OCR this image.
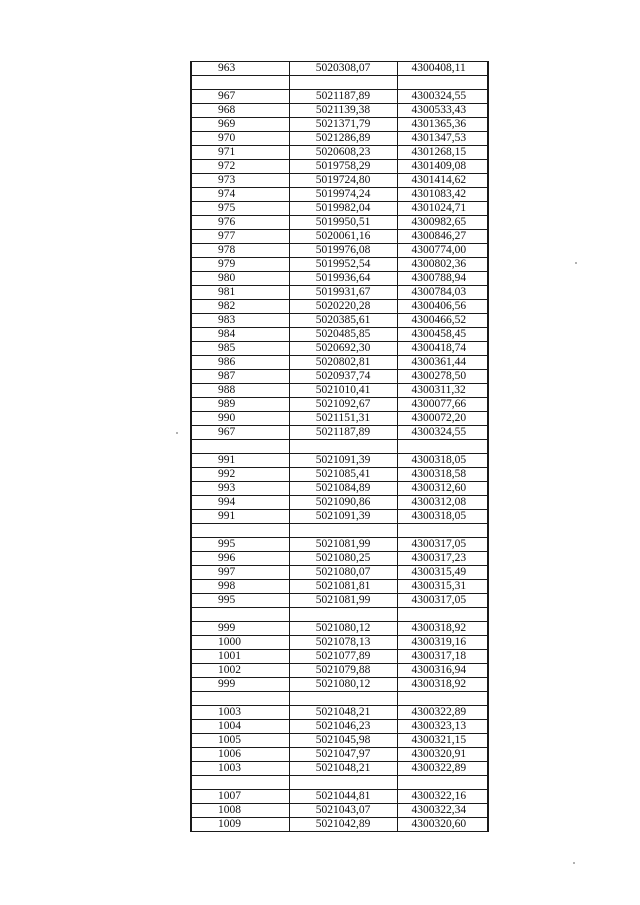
963	5020308,07	4300408,11

967	5021187,89	4300324,55
968	5021139,38	4300533,43
969	5021371,79	4301365,36
970	5021286,89	4301347,53
971	5020608,23	4301268,15
972	5019758,29	4301409,08
973	5019724,80	4301414,62
974	5019974,24	4301083,42
975	5019982,04	4301024,71
976	5019950,51	4300982,65
977	5020061,16	4300846,27
978	5019976,08	4300774,00
979	5019952,54	4300802,36
980	5019936,64	4300788,94
981	5019931,67	4300784,03
982	5020220,28	4300406,56
983	5020385,61	4300466,52
984	5020485,85	4300458,45
985	5020692,30	4300418,74
986	5020802,81	4300361,44
987	5020937,74	4300278,50
988	5021010,41	4300311,32
989	5021092,67	4300077,66
990	5021151,31	4300072,20
967	5021187,89	4300324,55

991	5021091,39	4300318,05
992	5021085,41	4300318,58
993	5021084,89	4300312,60
994	5021090,86	4300312,08
991	5021091,39	4300318,05

995	5021081,99	4300317,05
996	5021080,25	4300317,23
997	5021080,07	4300315,49
998	5021081,81	4300315,31
995	5021081,99	4300317,05

999	5021080,12	4300318,92
1000	5021078,13	4300319,16
1001	5021077,89	4300317,18
1002	5021079,88	4300316,94
999	5021080,12	4300318,92

1003	5021048,21	4300322,89
1004	5021046,23	4300323,13
1005	5021045,98	4300321,15
1006	5021047,97	4300320,91
1003	5021048,21	4300322,89

1007	5021044,81	4300322,16
1008	5021043,07	4300322,34
1009	5021042,89	4300320,60
